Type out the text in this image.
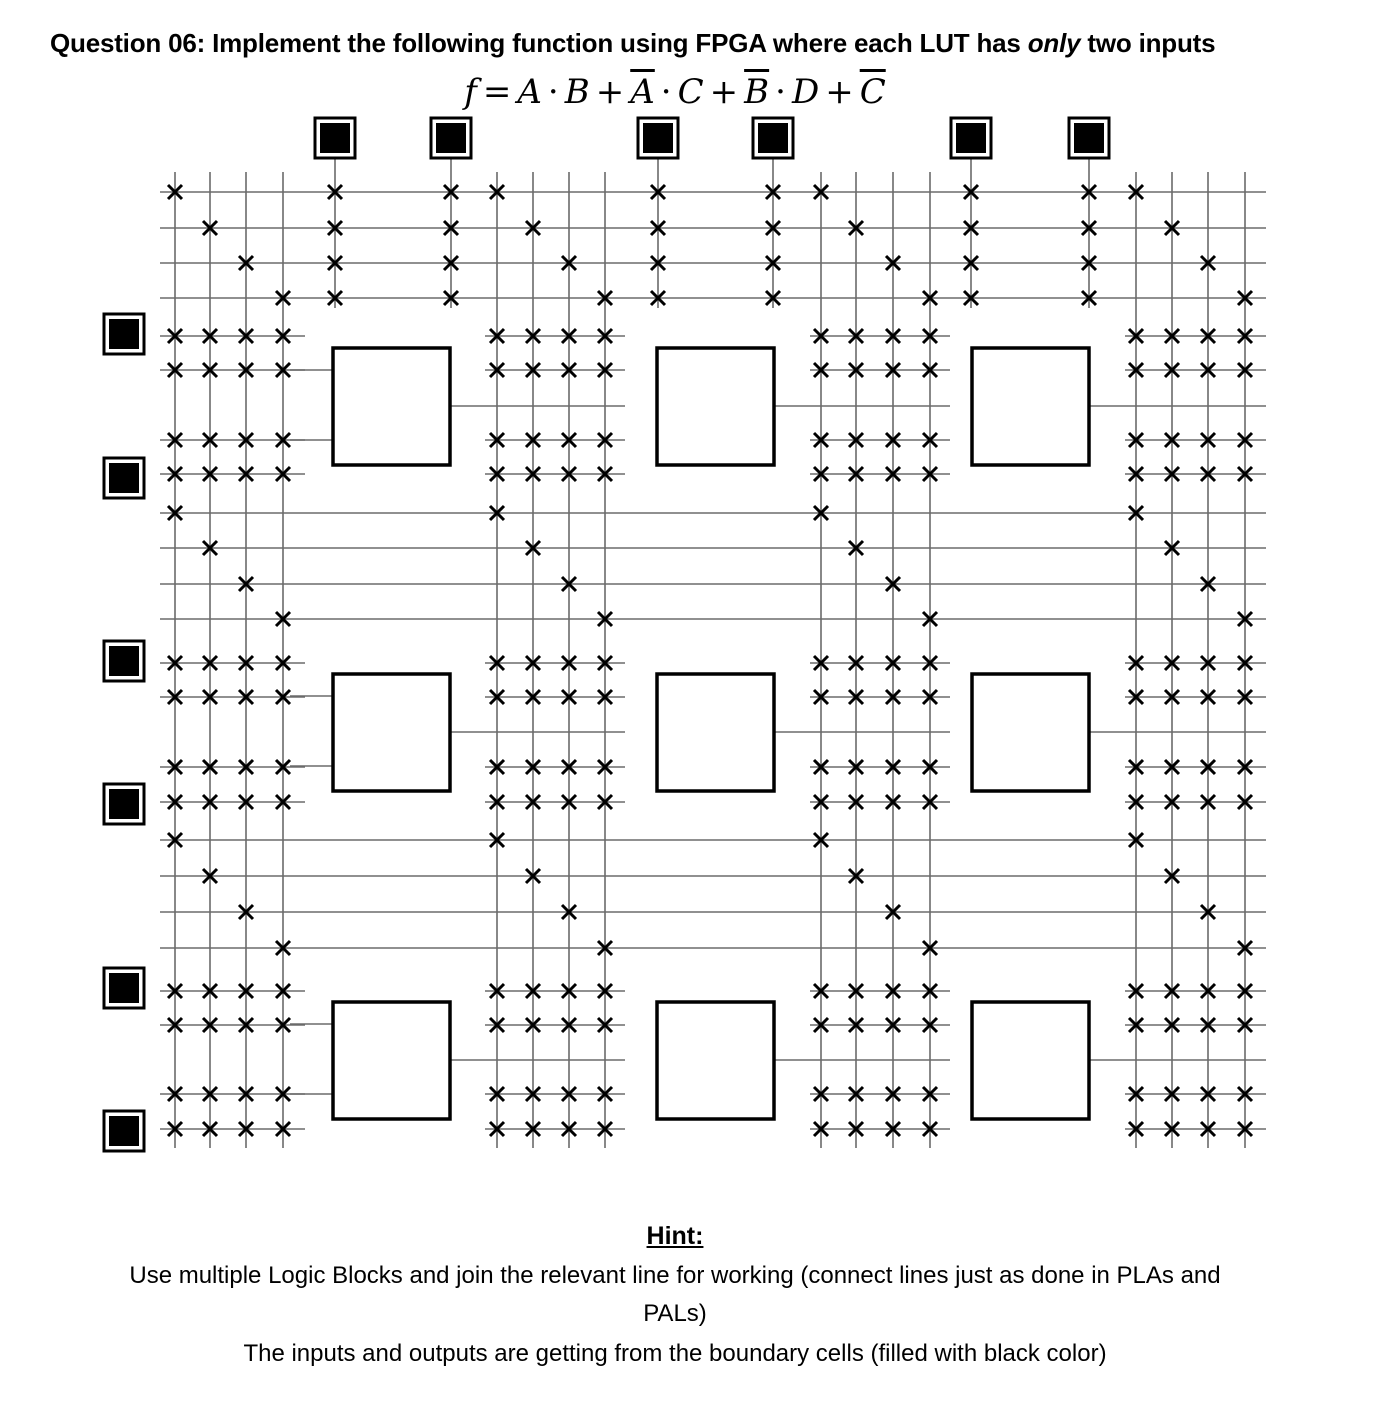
Question 06: Implement the following function using FPGA where each LUT has only two inputs
$f = A \cdot B + \overline{A} \cdot C + \overline{B} \cdot D + \overline{C}$
Hint:
Use multiple Logic Blocks and join the relevant line for working (connect lines just as done in PLAs and
PALs)
The inputs and outputs are getting from the boundary cells (filled with black color)
